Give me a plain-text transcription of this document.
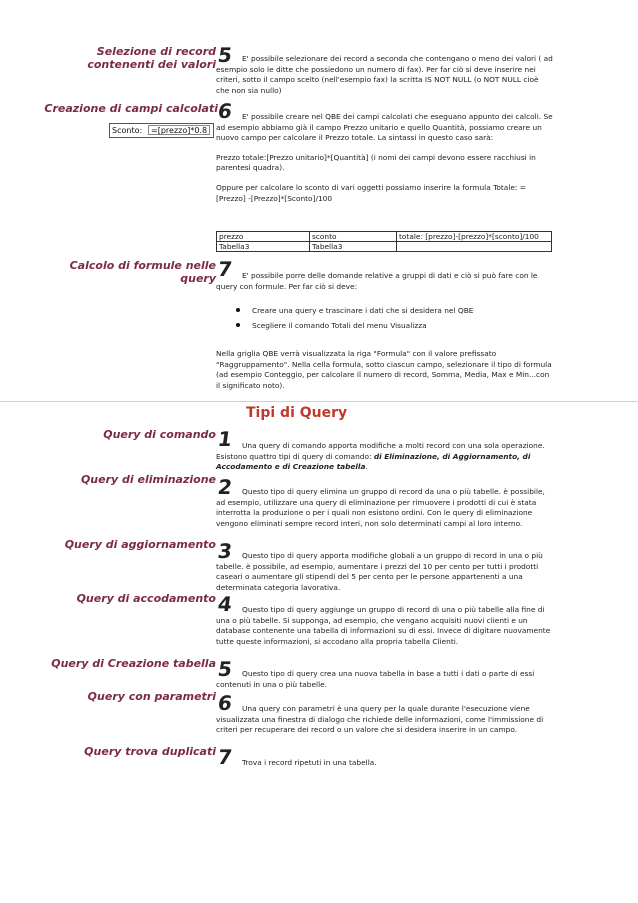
Selezione di record
contenenti dei valori 5	E' possibile selezionare dei record a seconda che contengano o meno dei valori ( ad esempio solo le ditte che possiedono un numero di fax). Per far ciò si deve inserire nei criteri, sotto il campo scelto (nell'esempio fax) la scritta IS NOT NULL (o NOT NULL cioè che non sia nullo)
Creazione di campi calcolati
6
Sconto:	=[prezzo]*0.8

E' possibile creare nel QBE dei campi calcolati che eseguano appunto dei calcoli. Se ad esempio abbiamo già il campo Prezzo unitario e quello Quantità, possiamo creare un nuovo campo per calcolare il Prezzo totale. La sintassi in questo caso sarà:

Prezzo totale:[Prezzo unitario]*[Quantità] (i nomi dei campi devono essere racchiusi in parentesi quadra).

Oppure per calcolare lo sconto di vari oggetti possiamo inserire la formula Totale: =[Prezzo] -[Prezzo]*[Sconto]/100

prezzo	sconto	totale: [prezzo]-[prezzo]*[sconto]/100
Tabella3	Tabella3	
Calcolo di formule nelle
query 7	E' possibile porre delle domande relative a gruppi di dati e ciò si può fare con le query con formule. Per far ciò si deve:
Creare una query e trascinare i dati che si desidera nel QBE
Scegliere il comando Totali del menu Visualizza
Nella griglia QBE verrà visualizzata la riga "Formula" con il valore prefissato "Raggruppamento". Nella cella formula, sotto ciascun campo, selezionare il tipo di formula (ad esempio Conteggio, per calcolare il numero di record, Somma, Media, Max e Min...con il significato noto).
Tipi di Query
Query di comando 1	Una query di comando apporta modifiche a molti record con una sola operazione. Esistono quattro tipi di query di comando: di Eliminazione, di Aggiornamento, di Accodamento e di Creazione tabella.
Query di eliminazione 2	Questo tipo di query elimina un gruppo di record da una o più tabelle. è possibile, ad esempio, utilizzare una query di eliminazione per rimuovere i prodotti di cui è stata interrotta la produzione o per i quali non esistono ordini. Con le query di eliminazione vengono eliminati sempre record interi, non solo determinati campi al loro interno.
Query di aggiornamento 3	Questo tipo di query apporta modifiche globali a un gruppo di record in una o più tabelle. è possibile, ad esempio, aumentare i prezzi del 10 per cento per tutti i prodotti caseari o aumentare gli stipendi del 5 per cento per le persone appartenenti a una determinata categoria lavorativa.
Query di accodamento 4	Questo tipo di query aggiunge un gruppo di record di una o più tabelle alla fine di una o più tabelle. Si supponga, ad esempio, che vengano acquisiti nuovi clienti e un database contenente una tabella di informazioni su di essi. Invece di digitare nuovamente tutte queste informazioni, si accodano alla propria tabella Clienti.
Query di Creazione tabella 5	Questo tipo di query crea una nuova tabella in base a tutti i dati o parte di essi contenuti in una o più tabelle.
Query con parametri 6	Una query con parametri è una query per la quale durante l'esecuzione viene visualizzata una finestra di dialogo che richiede delle informazioni, come l'immissione di criteri per recuperare dei record o un valore che si desidera inserire in un campo.
Query trova duplicati 7	Trova i record ripetuti in una tabella.
